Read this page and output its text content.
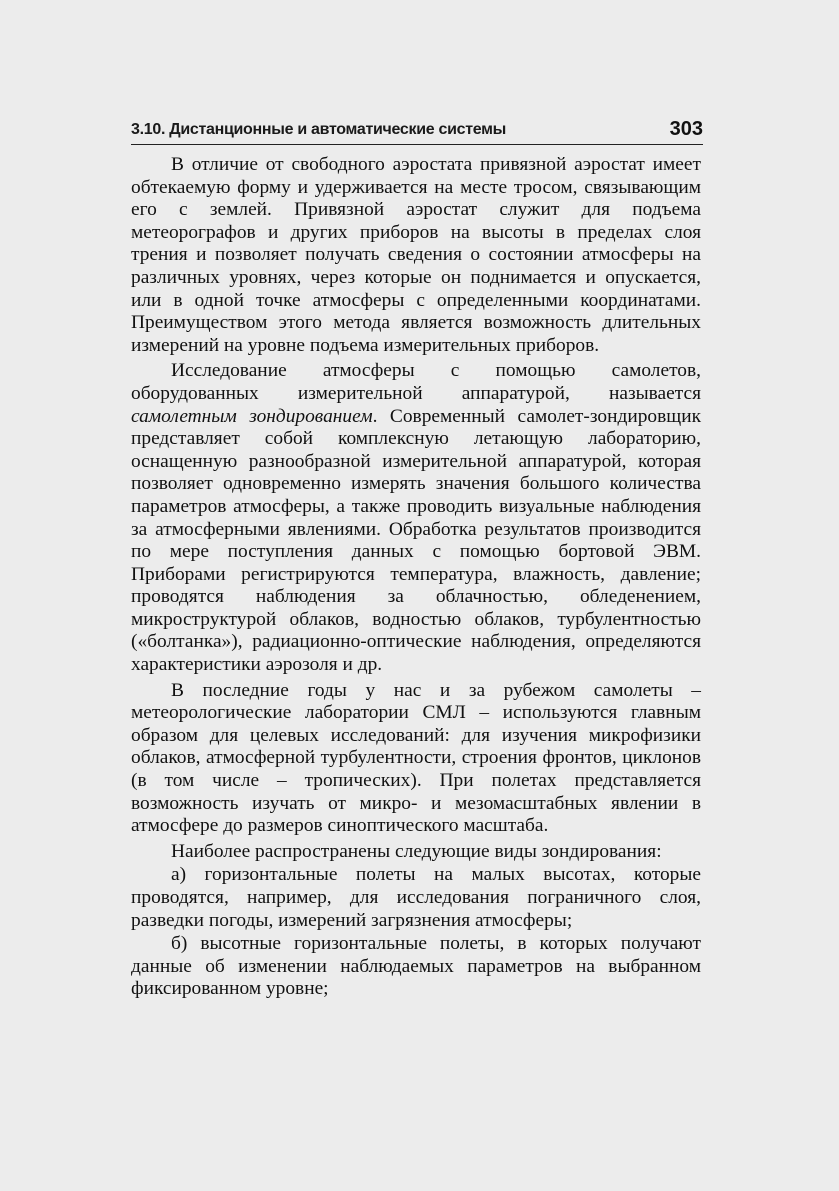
3.10. Дистанционные и автоматические системы	303

В отличие от свободного аэростата привязной аэростат имеет обтекаемую форму и удерживается на месте тросом, связывающим его с землей. Привязной аэростат служит для подъема метеорографов и других приборов на высоты в пределах слоя трения и позволяет получать сведения о состоянии атмосферы на различных уровнях, через которые он поднимается и опускается, или в одной точке атмосферы с определенными координатами. Преимуществом этого метода является возможность длительных измерений на уровне подъема измерительных приборов.

Исследование атмосферы с помощью самолетов, оборудованных измерительной аппаратурой, называется самолетным зондированием. Современный самолет-зондировщик представляет собой комплексную летающую лабораторию, оснащенную разнообразной измерительной аппаратурой, которая позволяет одновременно измерять значения большого количества параметров атмосферы, а также проводить визуальные наблюдения за атмосферными явлениями. Обработка результатов производится по мере поступления данных с помощью бортовой ЭВМ. Приборами регистрируются температура, влажность, давление; проводятся наблюдения за облачностью, обледенением, микроструктурой облаков, водностью облаков, турбулентностью («болтанка»), радиационно-оптические наблюдения, определяются характеристики аэрозоля и др.

В последние годы у нас и за рубежом самолеты – метеорологические лаборатории СМЛ – используются главным образом для целевых исследований: для изучения микрофизики облаков, атмосферной турбулентности, строения фронтов, циклонов (в том числе – тропических). При полетах представляется возможность изучать от микро- и мезомасштабных явлении в атмосфере до размеров синоптического масштаба.

Наиболее распространены следующие виды зондирования:

а) горизонтальные полеты на малых высотах, которые проводятся, например, для исследования пограничного слоя, разведки погоды, измерений загрязнения атмосферы;

б) высотные горизонтальные полеты, в которых получают данные об изменении наблюдаемых параметров на выбранном фиксированном уровне;
